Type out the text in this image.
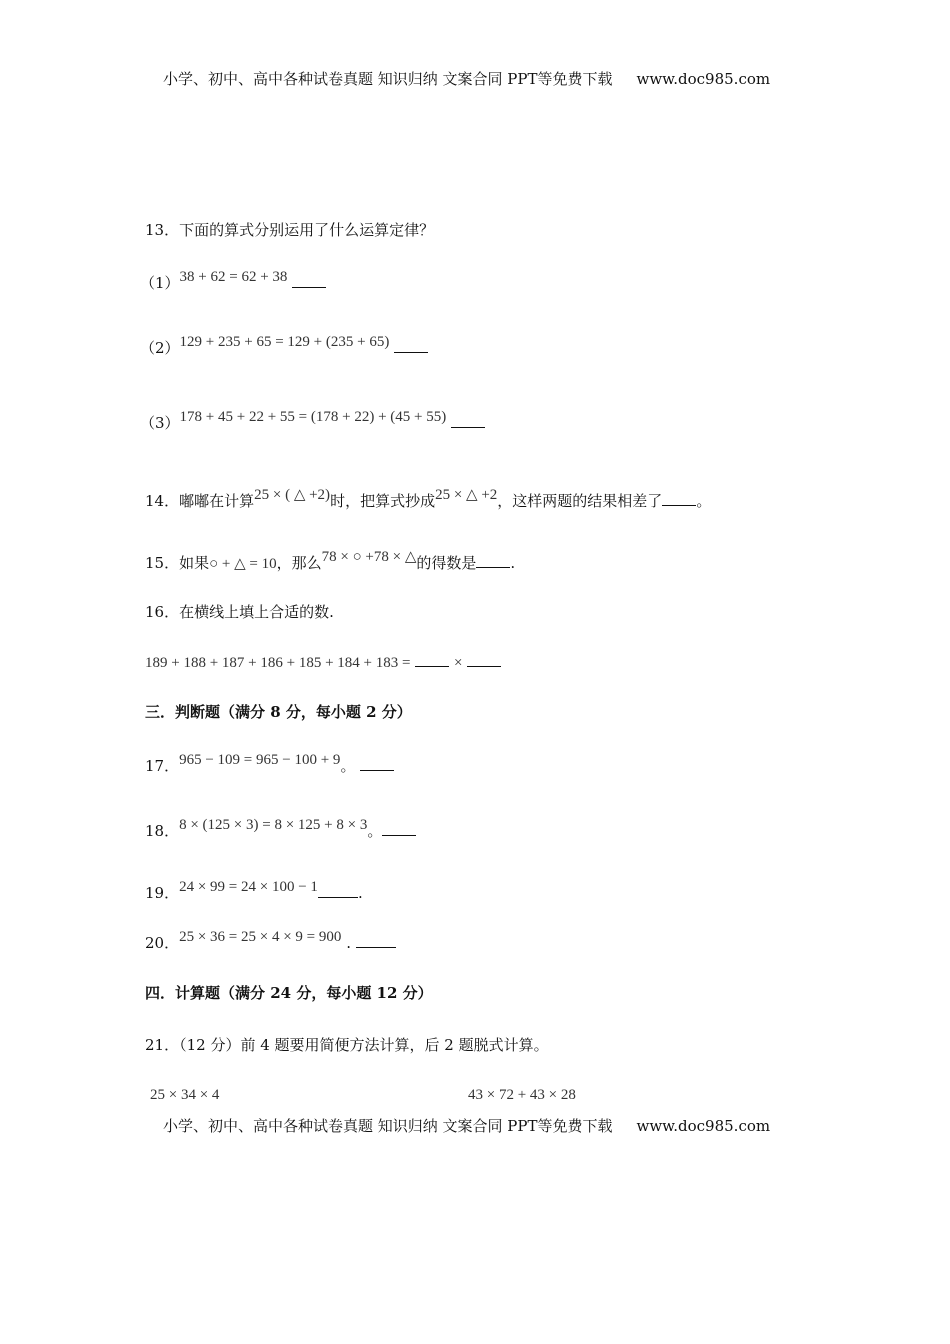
小学、初中、高中各种试卷真题 知识归纳 文案合同 PPT等免费下载 www.doc985.com
13．下面的算式分别运用了什么运算定律？
（1）38 + 62 = 62 + 38
（2）129 + 235 + 65 = 129 + (235 + 65)
（3）178 + 45 + 22 + 55 = (178 + 22) + (45 + 55)
14．嘟嘟在计算25 × ( △ +2)时，把算式抄成25 × △ +2，这样两题的结果相差了 。
15．如果○ + △ = 10，那么78 × ○ +78 × △的得数是 .
16．在横线上填上合适的数.
189 + 188 + 187 + 186 + 185 + 184 + 183 =	×
三．判断题（满分 8 分，每小题 2 分）
17．965 − 109 = 965 − 100 + 9。
18．8 × (125 × 3) = 8 × 125 + 8 × 3。
19．24 × 99 = 24 × 100 − 1	.
20．25 × 36 = 25 × 4 × 9 = 900 .
四．计算题（满分 24 分，每小题 12 分）
21．（12 分）前 4 题要用简便方法计算，后 2 题脱式计算。
25 × 34 × 4	43 × 72 + 43 × 28
小学、初中、高中各种试卷真题 知识归纳 文案合同 PPT等免费下载 www.doc985.com
